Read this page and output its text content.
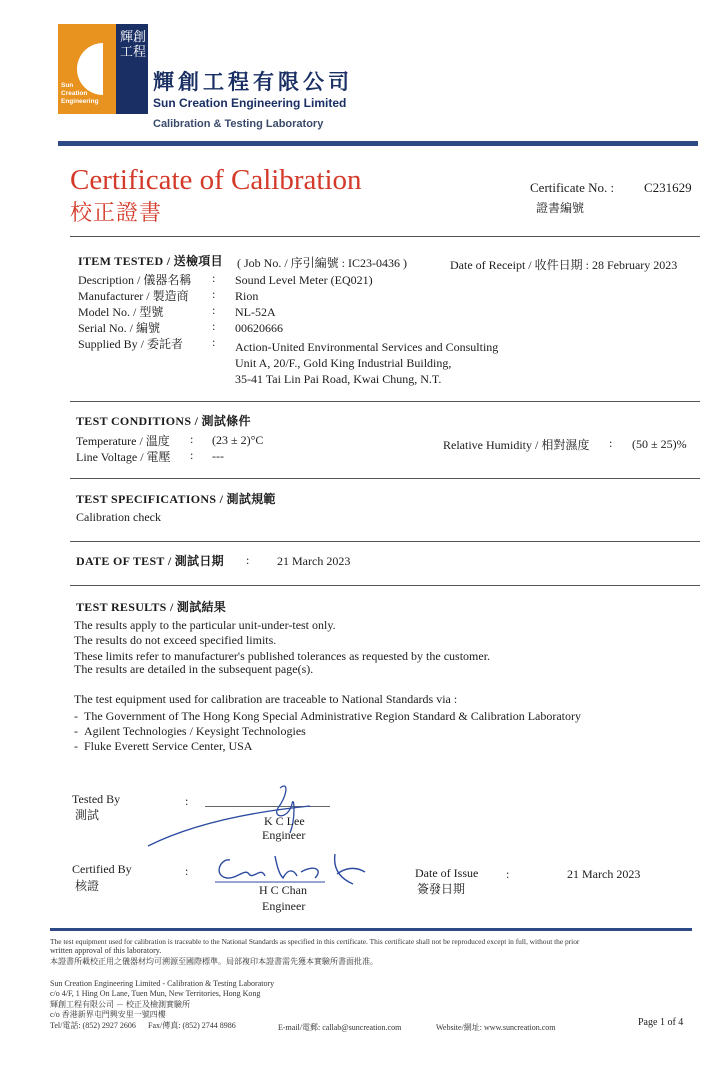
輝創工程
Sun
Creation
Engineering
輝創工程有限公司
Sun Creation Engineering Limited
Calibration & Testing Laboratory
Certificate of Calibration
校正證書
Certificate No. : C231629
證書編號
ITEM TESTED / 送檢項目 ( Job No. / 序引編號 : IC23-0436 )	Date of Receipt / 收件日期 : 28 February 2023
Description / 儀器名稱 : Sound Level Meter (EQ021)
Manufacturer / 製造商 : Rion
Model No. / 型號	: NL-52A
Serial No. / 編號	: 00620666
Supplied By / 委託者 : Action-United Environmental Services and Consulting
Unit A, 20/F., Gold King Industrial Building,
35-41 Tai Lin Pai Road, Kwai Chung, N.T.
TEST CONDITIONS / 測試條件
Temperature / 溫度 : (23 ± 2)°C
Line Voltage / 電壓 : ---
Relative Humidity / 相對濕度 : (50 ± 25)%
TEST SPECIFICATIONS / 測試規範
Calibration check
DATE OF TEST / 測試日期 : 21 March 2023
TEST RESULTS / 測試結果
The results apply to the particular unit-under-test only.
The results do not exceed specified limits.
These limits refer to manufacturer's published tolerances as requested by the customer.
The results are detailed in the subsequent page(s).
The test equipment used for calibration are traceable to National Standards via :
-  The Government of The Hong Kong Special Administrative Region Standard & Calibration Laboratory
-  Agilent Technologies / Keysight Technologies
-  Fluke Everett Service Center, USA
Tested By
測試
:
K C Lee
Engineer
Certified By
核證
:
H C Chan
Engineer
Date of Issue
簽發日期
:	21 March 2023
The test equipment used for calibration is traceable to the National Standards as specified in this certificate. This certificate shall not be reproduced except in full, without the prior
written approval of this laboratory.
本證書所載校正用之儀器材均可溯源至國際標準。局部複印本證書需先獲本實驗所書面批准。
Sun Creation Engineering Limited - Calibration & Testing Laboratory
c/o 4/F, 1 Hing On Lane, Tuen Mun, New Territories, Hong Kong
輝創工程有限公司 － 校正及檢測實驗所
c/o 香港新界屯門興安里一號四樓
Tel/電話: (852) 2927 2606 Fax/傳真: (852) 2744 8986	E-mail/電郵: callab@suncreation.com	Website/網址: www.suncreation.com	Page 1 of 4
